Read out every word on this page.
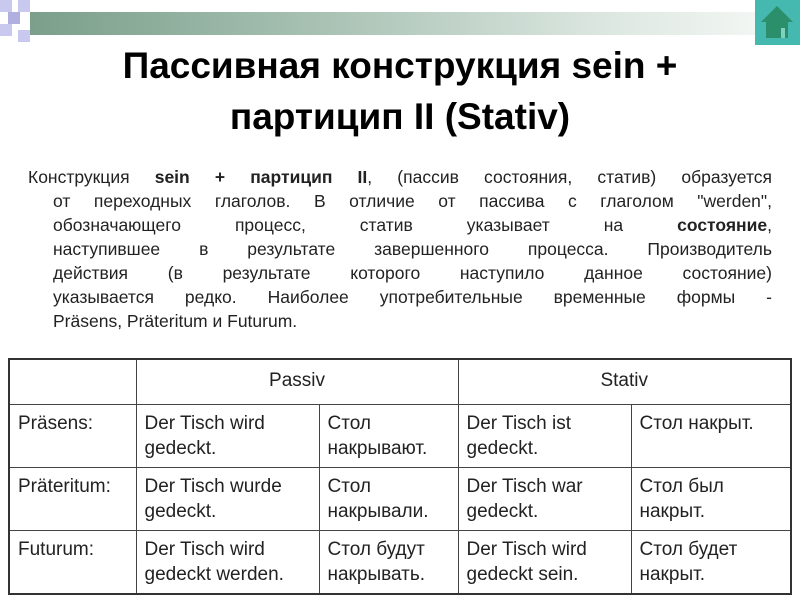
Пассивная конструкция sein +
партицип II (Stativ)
Конструкция sein + партицип II, (пассив состояния, статив) образуется
от переходных глаголов. В отличие от пассива с глаголом "werden",
обозначающего процесс, статив указывает на состояние,
наступившее в результате завершенного процесса. Производитель
действия (в результате которого наступило данное состояние)
указывается редко. Наиболее употребительные временные формы -
Präsens, Präteritum и Futurum.
	Passiv		Stativ	
Präsens:	Der Tisch wird gedeckt.	Стол накрывают.	Der Tisch ist gedeckt.	Стол накрыт.
Präteritum:	Der Tisch wurde gedeckt.	Стол накрывали.	Der Tisch war gedeckt.	Стол был накрыт.
Futurum:	Der Tisch wird gedeckt werden.	Стол будут накрывать.	Der Tisch wird gedeckt sein.	Стол будет накрыт.
